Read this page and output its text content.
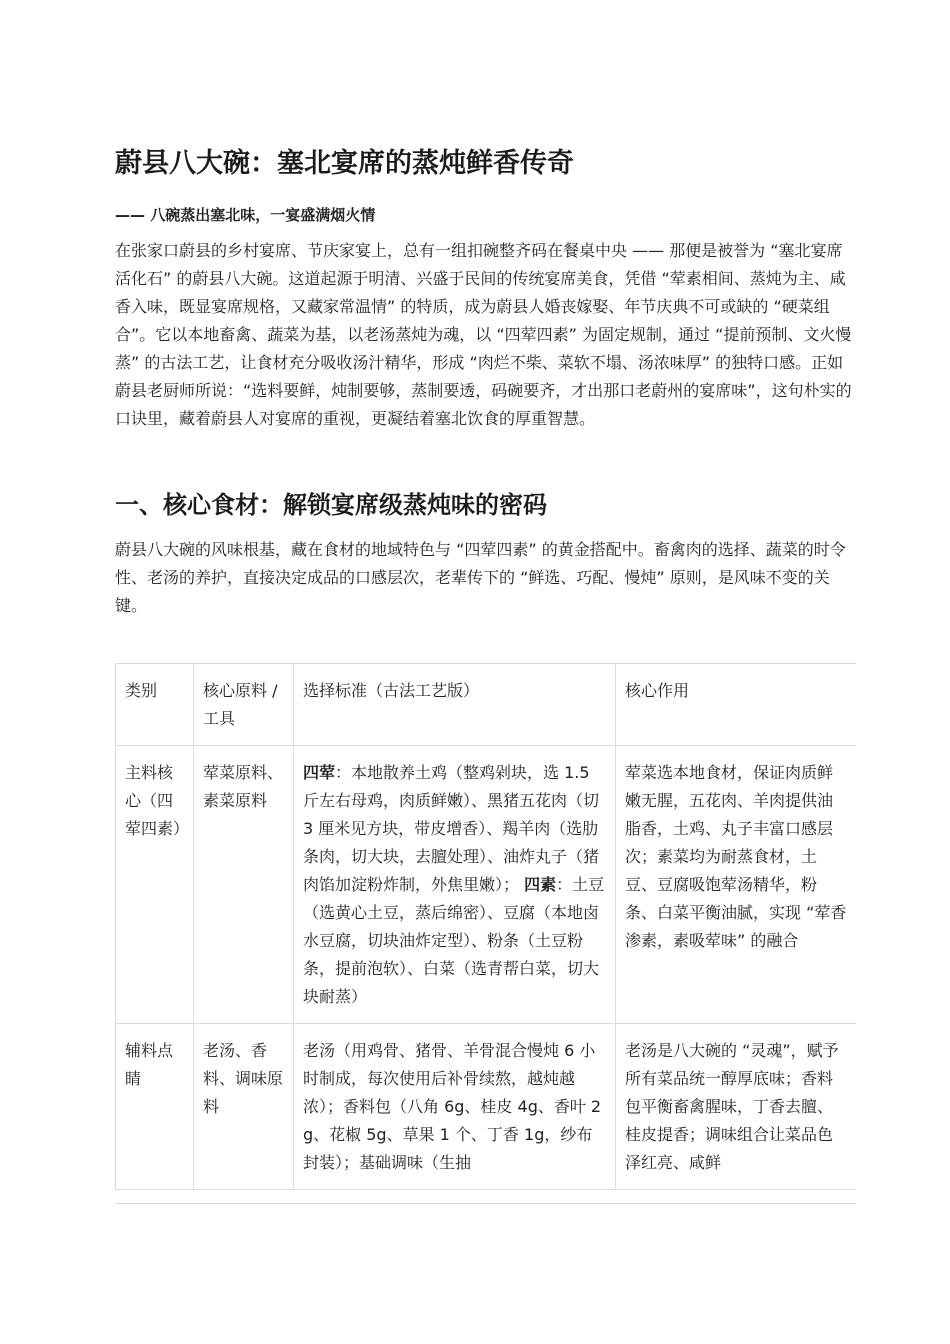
蔚县八大碗：塞北宴席的蒸炖鲜香传奇

—— 八碗蒸出塞北味，一宴盛满烟火情

在张家口蔚县的乡村宴席、节庆家宴上，总有一组扣碗整齐码在餐桌中央 —— 那便是被誉为 “塞北宴席活化石” 的蔚县八大碗。这道起源于明清、兴盛于民间的传统宴席美食，凭借 “荤素相间、蒸炖为主、咸香入味，既显宴席规格，又藏家常温情” 的特质，成为蔚县人婚丧嫁娶、年节庆典不可或缺的 “硬菜组合”。它以本地畜禽、蔬菜为基，以老汤蒸炖为魂，以 “四荤四素” 为固定规制，通过 “提前预制、文火慢蒸” 的古法工艺，让食材充分吸收汤汁精华，形成 “肉烂不柴、菜软不塌、汤浓味厚” 的独特口感。正如蔚县老厨师所说：“选料要鲜，炖制要够，蒸制要透，码碗要齐，才出那口老蔚州的宴席味”，这句朴实的口诀里，藏着蔚县人对宴席的重视，更凝结着塞北饮食的厚重智慧。

一、核心食材：解锁宴席级蒸炖味的密码

蔚县八大碗的风味根基，藏在食材的地域特色与 “四荤四素” 的黄金搭配中。畜禽肉的选择、蔬菜的时令性、老汤的养护，直接决定成品的口感层次，老辈传下的 “鲜选、巧配、慢炖” 原则，是风味不变的关键。

类别	核心原料 / 工具	选择标准（古法工艺版）	核心作用
主料核心（四荤四素）	荤菜原料、素菜原料	四荤：本地散养土鸡（整鸡剁块，选 1.5 斤左右母鸡，肉质鲜嫩）、黑猪五花肉（切 3 厘米见方块，带皮增香）、羯羊肉（选肋条肉，切大块，去膻处理）、油炸丸子（猪肉馅加淀粉炸制，外焦里嫩）； 四素：土豆（选黄心土豆，蒸后绵密）、豆腐（本地卤水豆腐，切块油炸定型）、粉条（土豆粉条，提前泡软）、白菜（选青帮白菜，切大块耐蒸）	荤菜选本地食材，保证肉质鲜嫩无腥，五花肉、羊肉提供油脂香，土鸡、丸子丰富口感层次；素菜均为耐蒸食材，土豆、豆腐吸饱荤汤精华，粉条、白菜平衡油腻，实现 “荤香渗素，素吸荤味” 的融合
辅料点睛	老汤、香料、调味原料	老汤（用鸡骨、猪骨、羊骨混合慢炖 6 小时制成，每次使用后补骨续熬，越炖越浓）；香料包（八角 6g、桂皮 4g、香叶 2g、花椒 5g、草果 1 个、丁香 1g，纱布封装）；基础调味（生抽	老汤是八大碗的 “灵魂”，赋予所有菜品统一醇厚底味；香料包平衡畜禽腥味，丁香去膻、桂皮提香；调味组合让菜品色泽红亮、咸鲜
